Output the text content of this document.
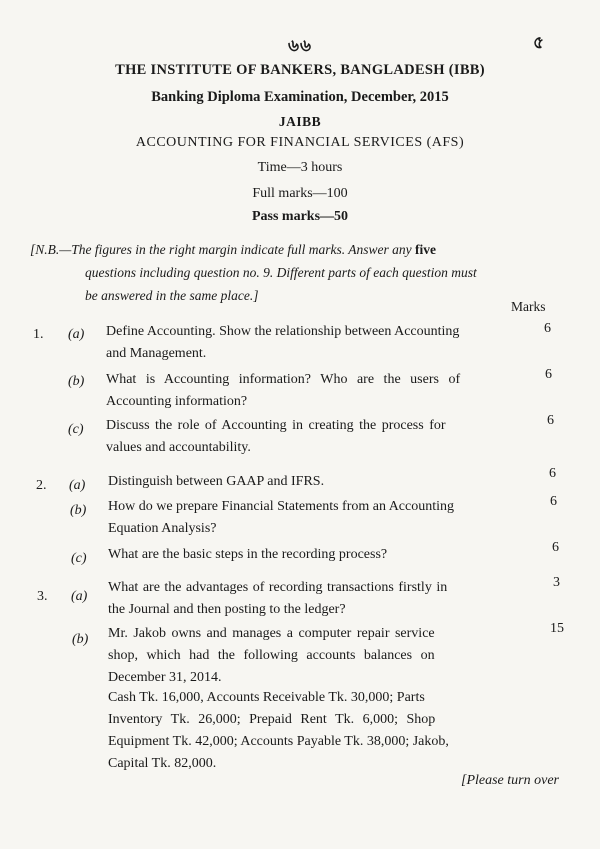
৬৬	৫
THE INSTITUTE OF BANKERS, BANGLADESH (IBB)
Banking Diploma Examination, December, 2015
JAIBB
ACCOUNTING FOR FINANCIAL SERVICES (AFS)
Time—3 hours
Full marks—100
Pass marks—50
[N.B.—The figures in the right margin indicate full marks. Answer any five
questions including question no. 9. Different parts of each question must
be answered in the same place.]
Marks
1. (a) Define Accounting. Show the relationship between Accounting
and Management.
6
(b) What is Accounting information? Who are the users of
Accounting information?
6
(c) Discuss the role of Accounting in creating the process for
values and accountability.
6
2. (a) Distinguish between GAAP and IFRS.
6
(b) How do we prepare Financial Statements from an Accounting
Equation Analysis?
6
(c) What are the basic steps in the recording process?	6
3. (a)
What are the advantages of recording transactions firstly in
the Journal and then posting to the ledger?
3
(b) Mr. Jakob owns and manages a computer repair service
shop, which had the following accounts balances on
December 31, 2014.
15
Cash Tk. 16,000, Accounts Receivable Tk. 30,000; Parts
Inventory Tk. 26,000; Prepaid Rent Tk. 6,000; Shop
Equipment Tk. 42,000; Accounts Payable Tk. 38,000; Jakob,
Capital Tk. 82,000.
[Please turn over
